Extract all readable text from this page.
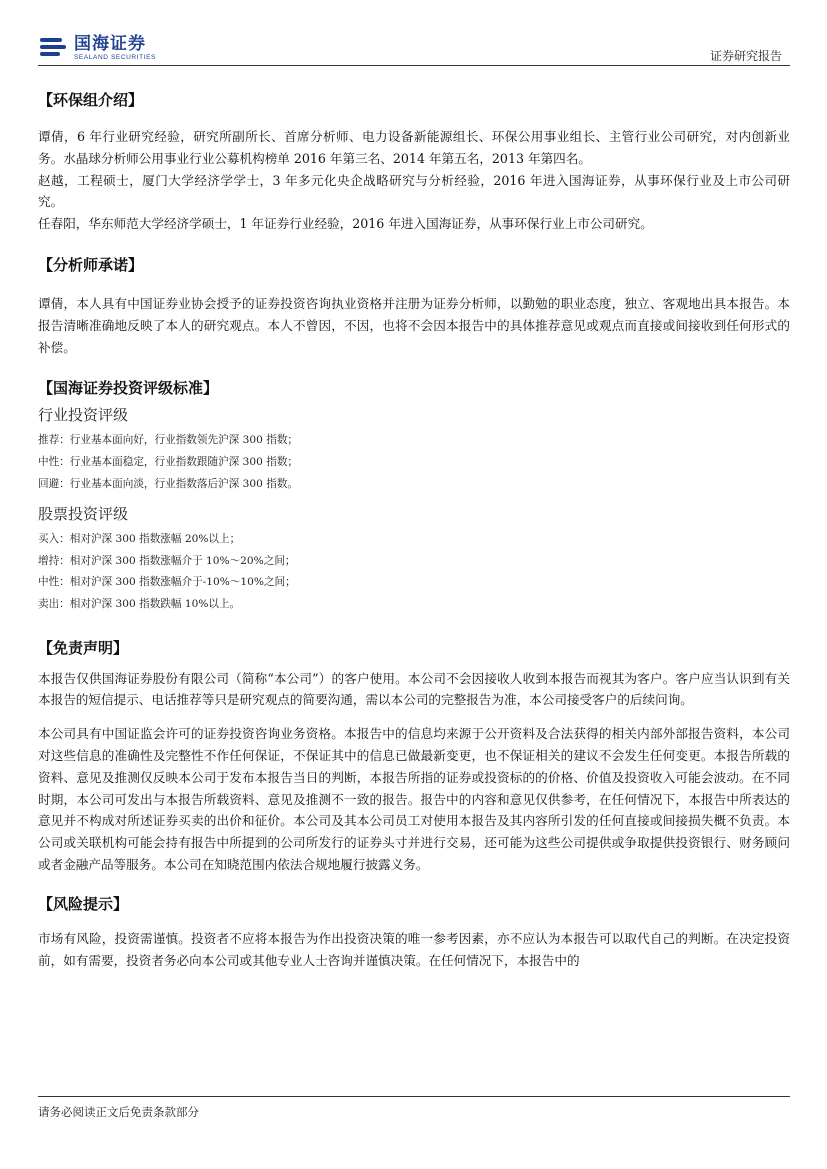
国海证券
SEALAND SECURITIES	证券研究报告
【环保组介绍】

谭倩，6 年行业研究经验，研究所副所长、首席分析师、电力设备新能源组长、环保公用事业组长、主管行业公司研究，对内创新业务。水晶球分析师公用事业行业公募机构榜单 2016 年第三名、2014 年第五名，2013 年第四名。

赵越，工程硕士，厦门大学经济学学士，3 年多元化央企战略研究与分析经验，2016 年进入国海证券，从事环保行业及上市公司研究。

任春阳，华东师范大学经济学硕士，1 年证券行业经验，2016 年进入国海证券，从事环保行业上市公司研究。

【分析师承诺】

谭倩，本人具有中国证券业协会授予的证券投资咨询执业资格并注册为证券分析师，以勤勉的职业态度，独立、客观地出具本报告。本报告清晰准确地反映了本人的研究观点。本人不曾因，不因，也将不会因本报告中的具体推荐意见或观点而直接或间接收到任何形式的补偿。

【国海证券投资评级标准】

行业投资评级

推荐：行业基本面向好，行业指数领先沪深 300 指数；

中性：行业基本面稳定，行业指数跟随沪深 300 指数；

回避：行业基本面向淡，行业指数落后沪深 300 指数。

股票投资评级

买入：相对沪深 300 指数涨幅 20%以上；

增持：相对沪深 300 指数涨幅介于 10%～20%之间；

中性：相对沪深 300 指数涨幅介于-10%～10%之间；

卖出：相对沪深 300 指数跌幅 10%以上。

【免责声明】

本报告仅供国海证券股份有限公司（简称“本公司”）的客户使用。本公司不会因接收人收到本报告而视其为客户。客户应当认识到有关本报告的短信提示、电话推荐等只是研究观点的简要沟通，需以本公司的完整报告为准，本公司接受客户的后续问询。

本公司具有中国证监会许可的证券投资咨询业务资格。本报告中的信息均来源于公开资料及合法获得的相关内部外部报告资料，本公司对这些信息的准确性及完整性不作任何保证，不保证其中的信息已做最新变更，也不保证相关的建议不会发生任何变更。本报告所载的资料、意见及推测仅反映本公司于发布本报告当日的判断，本报告所指的证券或投资标的的价格、价值及投资收入可能会波动。在不同时期，本公司可发出与本报告所载资料、意见及推测不一致的报告。报告中的内容和意见仅供参考，在任何情况下，本报告中所表达的意见并不构成对所述证券买卖的出价和征价。本公司及其本公司员工对使用本报告及其内容所引发的任何直接或间接损失概不负责。本公司或关联机构可能会持有报告中所提到的公司所发行的证券头寸并进行交易，还可能为这些公司提供或争取提供投资银行、财务顾问或者金融产品等服务。本公司在知晓范围内依法合规地履行披露义务。

【风险提示】

市场有风险，投资需谨慎。投资者不应将本报告为作出投资决策的唯一参考因素，亦不应认为本报告可以取代自己的判断。在决定投资前，如有需要，投资者务必向本公司或其他专业人士咨询并谨慎决策。在任何情况下，本报告中的

请务必阅读正文后免责条款部分
